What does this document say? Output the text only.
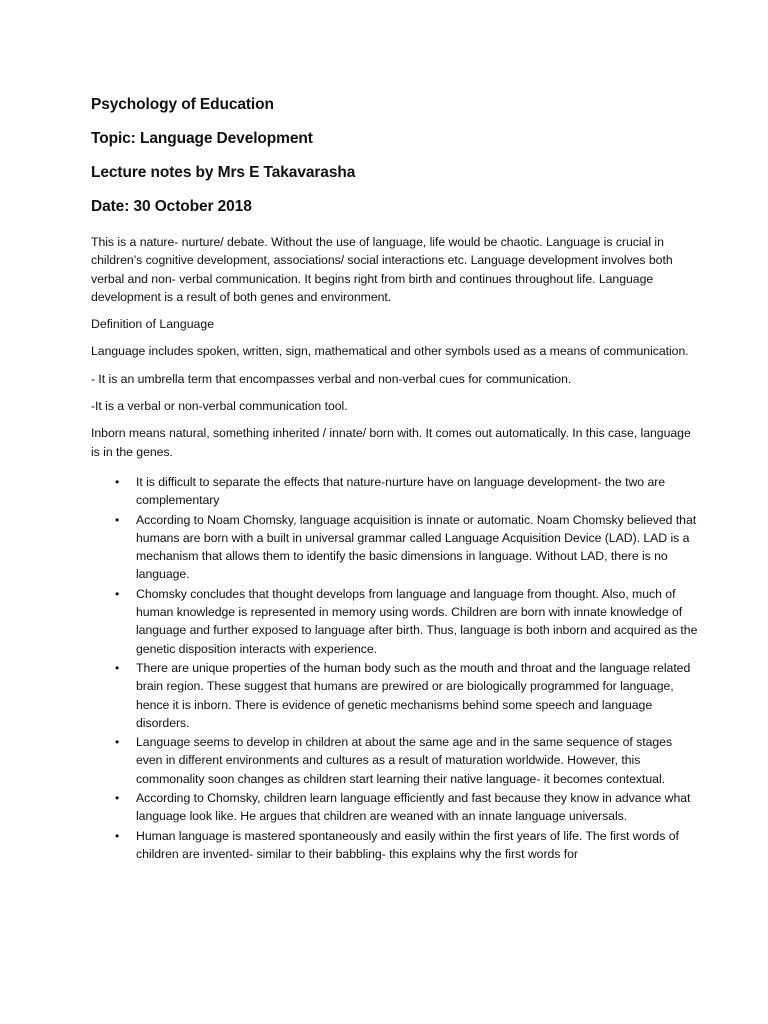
Psychology of Education
Topic: Language Development
Lecture notes by Mrs E Takavarasha
Date: 30 October 2018

This is a nature- nurture/ debate. Without the use of language, life would be chaotic. Language is crucial in children’s cognitive development, associations/ social interactions etc. Language development involves both verbal and non- verbal communication. It begins right from birth and continues throughout life. Language development is a result of both genes and environment.

Definition of Language

Language includes spoken, written, sign, mathematical and other symbols used as a means of communication.

- It is an umbrella term that encompasses verbal and non-verbal cues for communication.

-It is a verbal or non-verbal communication tool.

Inborn means natural, something inherited / innate/ born with. It comes out automatically. In this case, language is in the genes.

• It is difficult to separate the effects that nature-nurture have on language development- the two are complementary
• According to Noam Chomsky, language acquisition is innate or automatic. Noam Chomsky believed that humans are born with a built in universal grammar called Language Acquisition Device (LAD). LAD is a mechanism that allows them to identify the basic dimensions in language. Without LAD, there is no language.
• Chomsky concludes that thought develops from language and language from thought. Also, much of human knowledge is represented in memory using words. Children are born with innate knowledge of language and further exposed to language after birth. Thus, language is both inborn and acquired as the genetic disposition interacts with experience.
• There are unique properties of the human body such as the mouth and throat and the language related brain region. These suggest that humans are prewired or are biologically programmed for language, hence it is inborn. There is evidence of genetic mechanisms behind some speech and language disorders.
• Language seems to develop in children at about the same age and in the same sequence of stages even in different environments and cultures as a result of maturation worldwide. However, this commonality soon changes as children start learning their native language- it becomes contextual.
• According to Chomsky, children learn language efficiently and fast because they know in advance what language look like. He argues that children are weaned with an innate language universals.
• Human language is mastered spontaneously and easily within the first years of life. The first words of children are invented- similar to their babbling- this explains why the first words for
